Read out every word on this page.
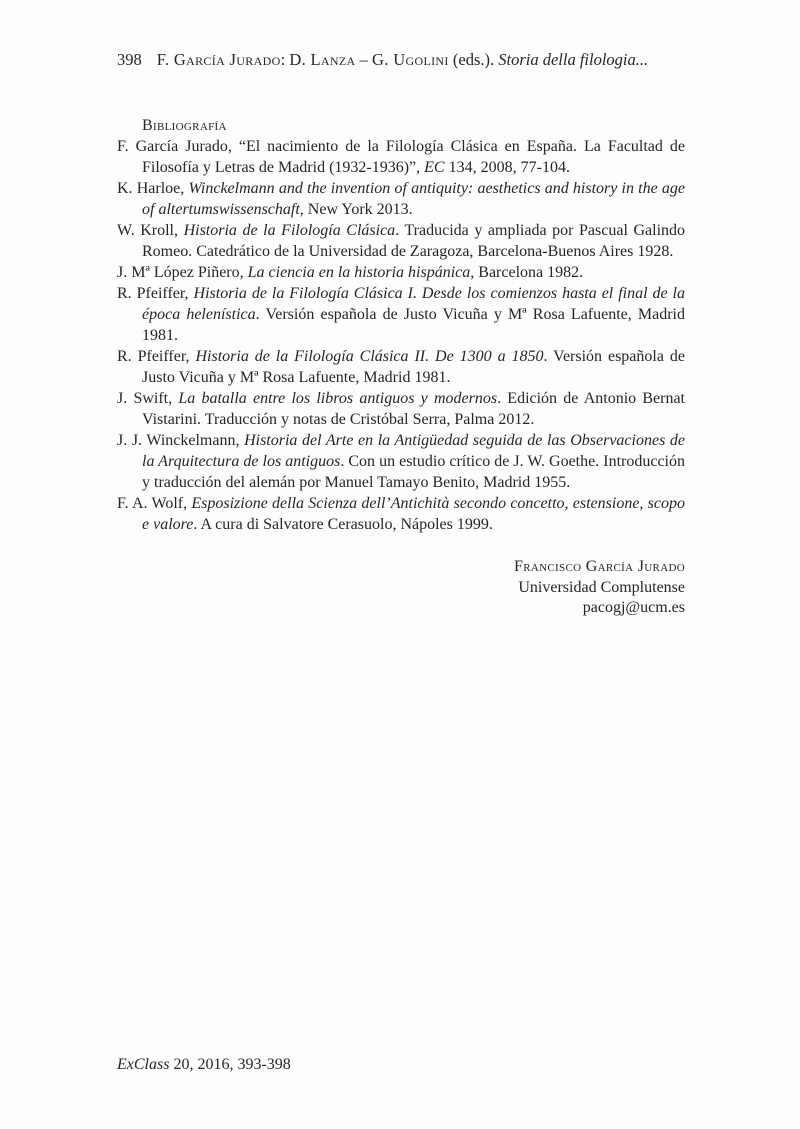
398 F. García Jurado: D. Lanza – G. Ugolini (eds.). Storia della filologia...

Bibliografía

F. García Jurado, “El nacimiento de la Filología Clásica en España. La Facultad de Filosofía y Letras de Madrid (1932-1936)”, EC 134, 2008, 77-104.

K. Harloe, Winckelmann and the invention of antiquity: aesthetics and history in the age of altertumswissenschaft, New York 2013.

W. Kroll, Historia de la Filología Clásica. Traducida y ampliada por Pascual Galindo Romeo. Catedrático de la Universidad de Zaragoza, Barcelona-Buenos Aires 1928.

J. Mª López Piñero, La ciencia en la historia hispánica, Barcelona 1982.

R. Pfeiffer, Historia de la Filología Clásica I. Desde los comienzos hasta el final de la época helenística. Versión española de Justo Vicuña y Mª Rosa Lafuente, Madrid 1981.

R. Pfeiffer, Historia de la Filología Clásica II. De 1300 a 1850. Versión española de Justo Vicuña y Mª Rosa Lafuente, Madrid 1981.

J. Swift, La batalla entre los libros antiguos y modernos. Edición de Antonio Bernat Vistarini. Traducción y notas de Cristóbal Serra, Palma 2012.

J. J. Winckelmann, Historia del Arte en la Antigüedad seguida de las Observaciones de la Arquitectura de los antiguos. Con un estudio crítico de J. W. Goethe. Introducción y traducción del alemán por Manuel Tamayo Benito, Madrid 1955.

F. A. Wolf, Esposizione della Scienza dell’Antichità secondo concetto, estensione, scopo e valore. A cura di Salvatore Cerasuolo, Nápoles 1999.

Francisco García Jurado

Universidad Complutense

pacogj@ucm.es

ExClass 20, 2016, 393-398
